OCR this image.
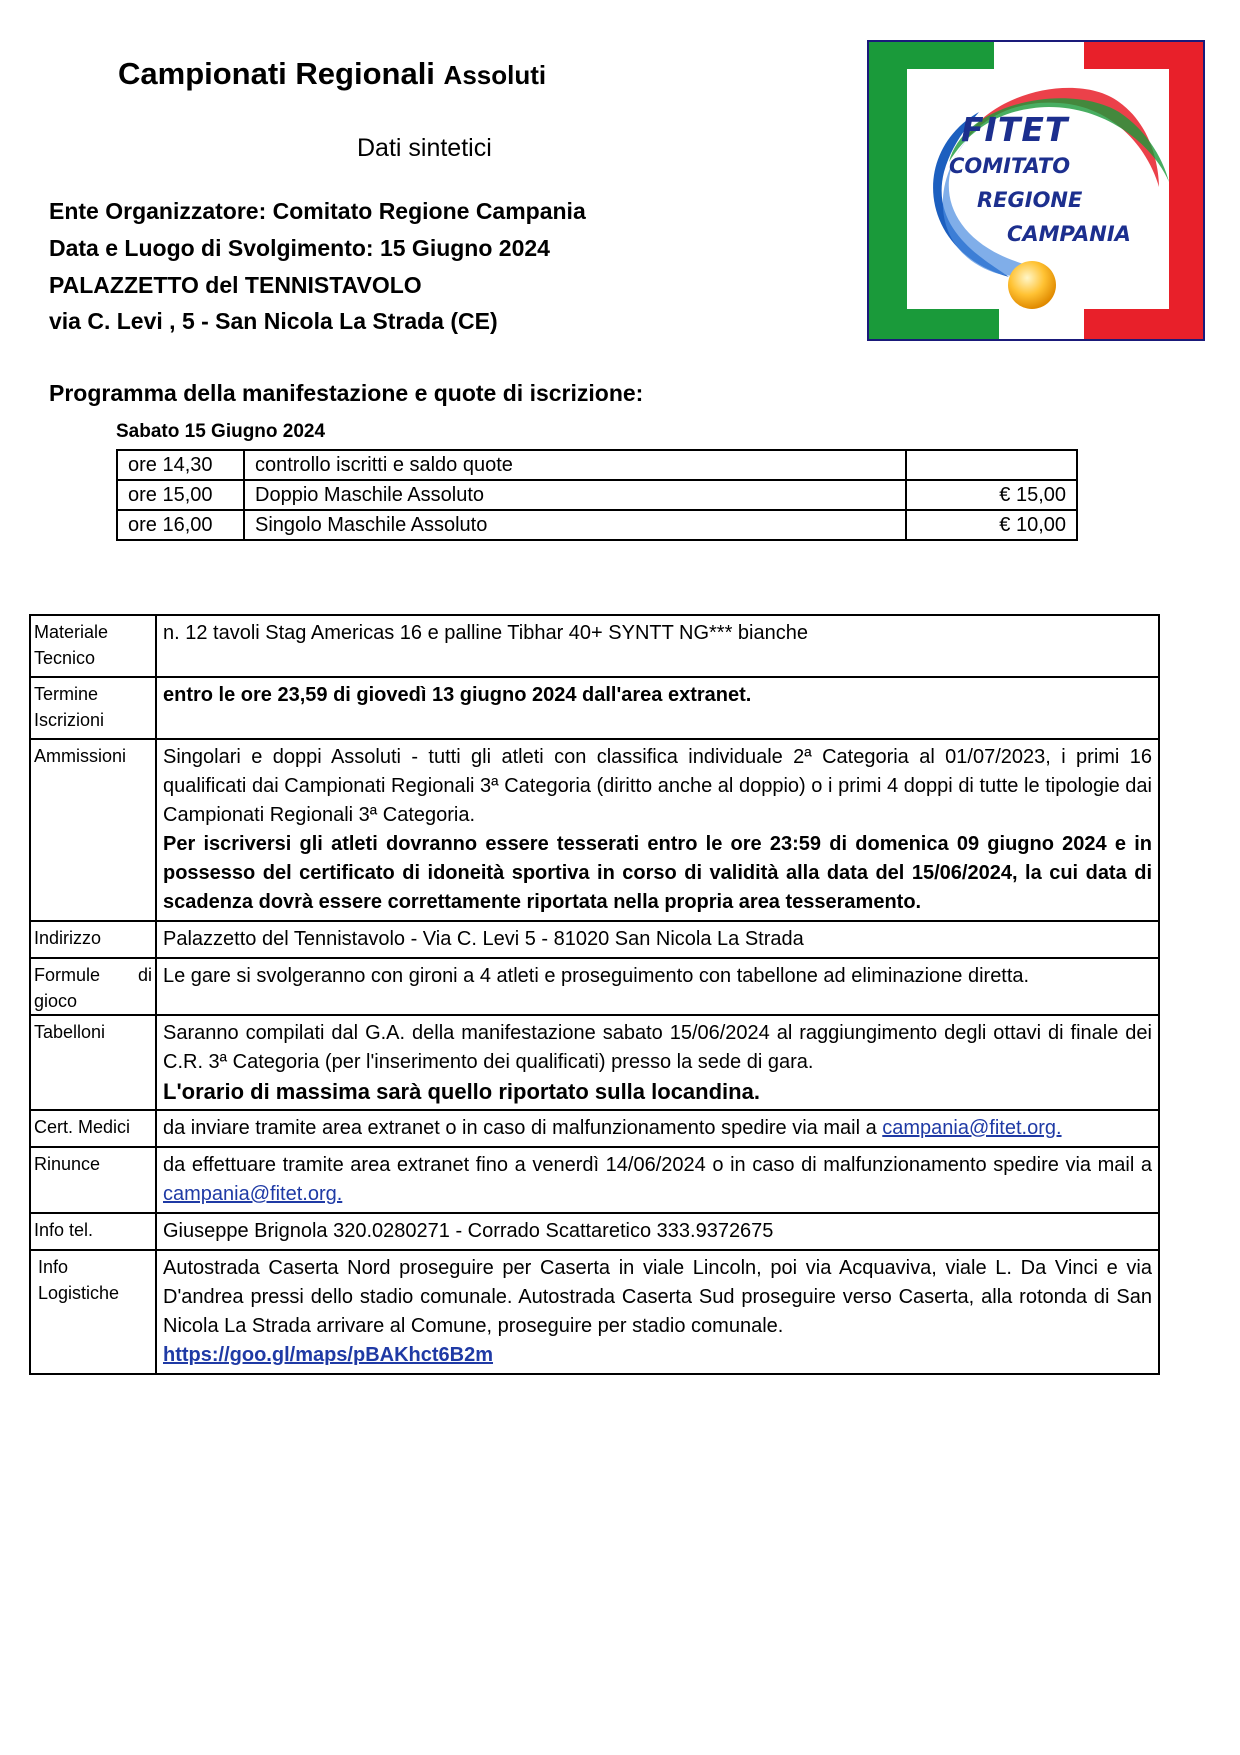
Campionati Regionali Assoluti
Dati sintetici
Ente Organizzatore: Comitato Regione Campania
Data e Luogo di Svolgimento: 15 Giugno 2024
PALAZZETTO del TENNISTAVOLO
via C. Levi , 5 - San Nicola La Strada (CE)
Programma della manifestazione e quote di iscrizione:
Sabato 15 Giugno 2024
ore 14,30	controllo iscritti e saldo quote	
ore 15,00	Doppio Maschile Assoluto	€ 15,00
ore 16,00	Singolo Maschile Assoluto	€ 10,00
Materiale Tecnico	n. 12 tavoli Stag Americas 16 e palline Tibhar 40+ SYNTT NG*** bianche
Termine Iscrizioni	entro le ore 23,59 di giovedì 13 giugno 2024 dall'area extranet.
Ammissioni	Singolari e doppi Assoluti - tutti gli atleti con classifica individuale 2ª Categoria al 01/07/2023, i primi 16 qualificati dai Campionati Regionali 3ª Categoria (diritto anche al doppio) o i primi 4 doppi di tutte le tipologie dai Campionati Regionali 3ª Categoria.
Per iscriversi gli atleti dovranno essere tesserati entro le ore 23:59 di domenica 09 giugno 2024 e in possesso del certificato di idoneità sportiva in corso di validità alla data del 15/06/2024, la cui data di scadenza dovrà essere correttamente riportata nella propria area tesseramento.

Indirizzo	Palazzetto del Tennistavolo - Via C. Levi 5 - 81020 San Nicola La Strada
Formule di gioco	Le gare si svolgeranno con gironi a 4 atleti e proseguimento con tabellone ad eliminazione diretta.
Tabelloni	Saranno compilati dal G.A. della manifestazione sabato 15/06/2024 al raggiungimento degli ottavi di finale dei C.R. 3ª Categoria (per l'inserimento dei qualificati) presso la sede di gara.
L'orario di massima sarà quello riportato sulla locandina.

Cert. Medici	da inviare tramite area extranet o in caso di malfunzionamento spedire via mail a campania@fitet.org.
Rinunce	da effettuare tramite area extranet fino a venerdì 14/06/2024 o in caso di malfunzionamento spedire via mail a campania@fitet.org.
Info tel.	Giuseppe Brignola 320.0280271 - Corrado Scattaretico 333.9372675
Info Logistiche	Autostrada Caserta Nord proseguire per Caserta in viale Lincoln, poi via Acquaviva, viale L. Da Vinci e via D'andrea pressi dello stadio comunale. Autostrada Caserta Sud proseguire verso Caserta, alla rotonda di San Nicola La Strada arrivare al Comune, proseguire per stadio comunale.
https://goo.gl/maps/pBAKhct6B2m
FITET
COMITATO
REGIONE
CAMPANIA
